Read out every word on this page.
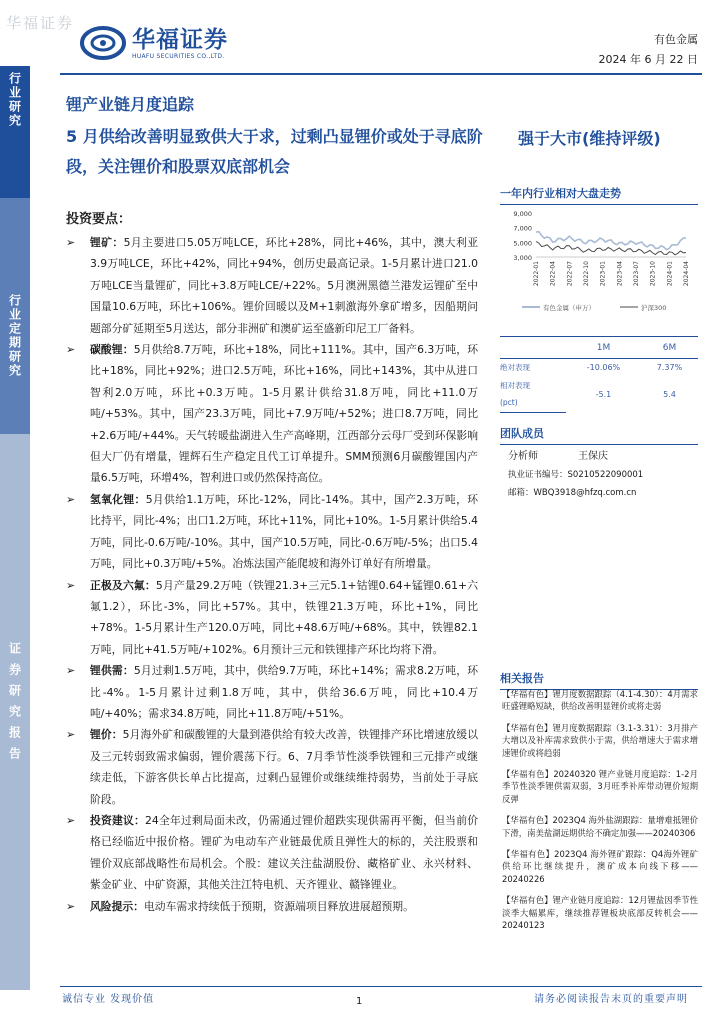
华福证券
华福证券
HUAFU SECURITIES CO.,LTD.
有色金属
2024 年 6 月 22 日
行业研究
行业定期研究
证券研究报告
锂产业链月度追踪
5 月供给改善明显致供大于求，过剩凸显锂价或处于寻底阶段，关注锂价和股票双底部机会
强于大市(维持评级)
投资要点：
➢ 锂矿：5月主要进口5.05万吨LCE，环比+28%，同比+46%，其中，澳大利亚3.9万吨LCE，环比+42%，同比+94%，创历史最高记录。1-5月累计进口21.0万吨LCE当量锂矿，同比+3.8万吨LCE/+22%。5月澳洲黑德兰港发运锂矿至中国量10.6万吨，环比+106%。锂价回暖以及M+1刺激海外拿矿增多，因船期问题部分矿延期至5月送达，部分非洲矿和澳矿运至盛新印尼工厂备料。
➢ 碳酸锂：5月供给8.7万吨，环比+18%，同比+111%。其中，国产6.3万吨，环比+18%，同比+92%；进口2.5万吨，环比+16%，同比+143%，其中从进口智利2.0万吨，环比+0.3万吨。1-5月累计供给31.8万吨，同比+11.0万吨/+53%。其中，国产23.3万吨，同比+7.9万吨/+52%；进口8.7万吨，同比+2.6万吨/+44%。天气转暖盐湖进入生产高峰期，江西部分云母厂受到环保影响但大厂仍有增量，锂辉石生产稳定且代工订单提升。SMM预测6月碳酸锂国内产量6.5万吨，环增4%，智利进口或仍然保持高位。
➢ 氢氧化锂：5月供给1.1万吨，环比-12%，同比-14%。其中，国产2.3万吨，环比持平，同比-4%；出口1.2万吨，环比+11%，同比+10%。1-5月累计供给5.4万吨，同比-0.6万吨/-10%。其中，国产10.5万吨，同比-0.6万吨/-5%；出口5.4万吨，同比+0.3万吨/+5%。冶炼法国产能爬坡和海外订单好有所增量。
➢ 正极及六氟：5月产量29.2万吨（铁锂21.3+三元5.1+钴锂0.64+锰锂0.61+六氟1.2），环比-3%，同比+57%。其中，铁锂21.3万吨，环比+1%，同比+78%。1-5月累计生产120.0万吨，同比+48.6万吨/+68%。其中，铁锂82.1万吨，同比+41.5万吨/+102%。6月预计三元和铁锂排产环比均将下滑。
➢ 锂供需：5月过剩1.5万吨，其中，供给9.7万吨，环比+14%；需求8.2万吨，环比-4%。1-5月累计过剩1.8万吨，其中，供给36.6万吨，同比+10.4万吨/+40%；需求34.8万吨，同比+11.8万吨/+51%。
➢ 锂价：5月海外矿和碳酸锂的大量到港供给有较大改善，铁锂排产环比增速放缓以及三元转弱致需求偏弱，锂价震荡下行。6、7月季节性淡季铁锂和三元排产或继续走低，下游客供长单占比提高，过剩凸显锂价或继续维持弱势，当前处于寻底阶段。
➢ 投资建议：24全年过剩局面未改，仍需通过锂价超跌实现供需再平衡，但当前价格已经临近中报价格。锂矿为电动车产业链最优质且弹性大的标的，关注股票和锂价双底部战略性布局机会。个股：建议关注盐湖股份、藏格矿业、永兴材料、紫金矿业、中矿资源，其他关注江特电机、天齐锂业、赣锋锂业。
➢ 风险提示：电动车需求持续低于预期，资源端项目释放进展超预期。
一年内行业相对大盘走势
9,000
7,000
5,000
3,000
2022-01 2022-04 2022-07 2022-10 2023-01 2023-04 2023-07 2023-10 2024-01 2024-04
有色金属（申万）	沪深300
	1M	6M
绝对表现	-10.06%	7.37%
相对表现	-5.1	5.4
(pct)		
团队成员
分析师	王保庆
执业证书编号：S0210522090001
邮箱：WBQ3918@hfzq.com.cn
相关报告
【华福有色】锂月度数据跟踪（4.1-4.30）：4月需求旺盛锂略短缺，供给改善明显锂价或将走弱
【华福有色】锂月度数据跟踪（3.1-3.31）：3月排产大增以及补库需求致供小于需，供给增速大于需求增速锂价或将趋弱
【华福有色】20240320 锂产业链月度追踪：1-2月季节性淡季锂供需双弱，3月旺季补库带动锂价短期反弹
【华福有色】2023Q4 海外盐湖跟踪：量增难抵锂价下滑，南美盐湖远期供给不确定加强——20240306
【华福有色】2023Q4 海外锂矿跟踪：Q4海外锂矿供给环比继续提升，澳矿成本向线下移——20240226
【华福有色】锂产业链月度追踪：12月锂盐因季节性淡季大幅累库，继续推荐锂板块底部反转机会——20240123
诚信专业 发现价值	1	请务必阅读报告末页的重要声明
